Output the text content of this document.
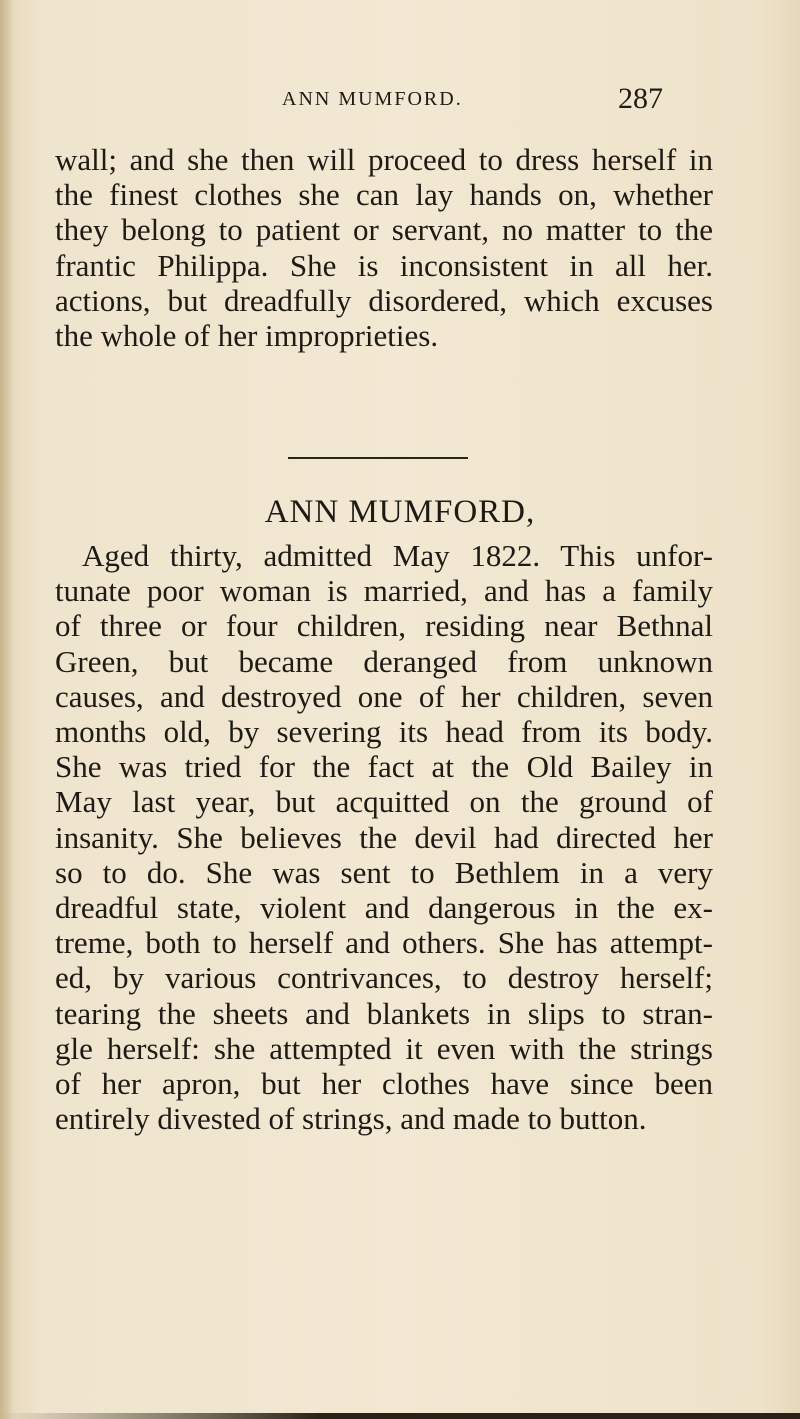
ANN MUMFORD.	287
wall; and she then will proceed to dress herself in
the finest clothes she can lay hands on, whether
they belong to patient or servant, no matter to the
frantic Philippa. She is inconsistent in all her.
actions, but dreadfully disordered, which excuses
the whole of her improprieties.
ANN MUMFORD,
Aged thirty, admitted May 1822. This unfor-
tunate poor woman is married, and has a family
of three or four children, residing near Bethnal
Green, but became deranged from unknown
causes, and destroyed one of her children, seven
months old, by severing its head from its body.
She was tried for the fact at the Old Bailey in
May last year, but acquitted on the ground of
insanity. She believes the devil had directed her
so to do. She was sent to Bethlem in a very
dreadful state, violent and dangerous in the ex-
treme, both to herself and others. She has attempt-
ed, by various contrivances, to destroy herself;
tearing the sheets and blankets in slips to stran-
gle herself: she attempted it even with the strings
of her apron, but her clothes have since been
entirely divested of strings, and made to button.
